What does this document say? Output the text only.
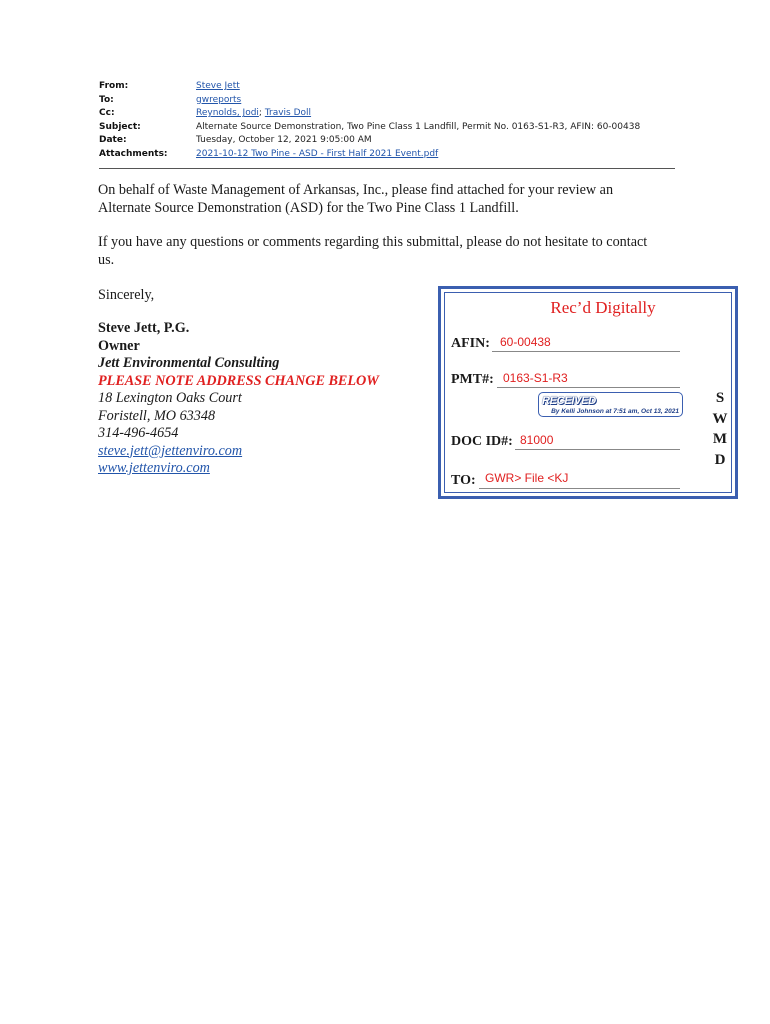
From:	Steve Jett
To:	gwreports
Cc:	Reynolds, Jodi; Travis Doll
Subject:	Alternate Source Demonstration, Two Pine Class 1 Landfill, Permit No. 0163-S1-R3, AFIN: 60-00438
Date:	Tuesday, October 12, 2021 9:05:00 AM
Attachments:	2021-10-12 Two Pine - ASD - First Half 2021 Event.pdf
On behalf of Waste Management of Arkansas, Inc., please find attached for your review an Alternate Source Demonstration (ASD) for the Two Pine Class 1 Landfill.
If you have any questions or comments regarding this submittal, please do not hesitate to contact us.
Sincerely,
Steve Jett, P.G.
Owner
Jett Environmental Consulting
PLEASE NOTE ADDRESS CHANGE BELOW
18 Lexington Oaks Court
Foristell, MO 63348
314-496-4654
steve.jett@jettenviro.com
www.jettenviro.com
Rec’d Digitally
AFIN: 60-00438
PMT#: 0163-S1-R3
RECEIVED
By Kelli Johnson at 7:51 am, Oct 13, 2021
DOC ID#: 81000
TO: GWR> File <KJ
S
W
M
D
